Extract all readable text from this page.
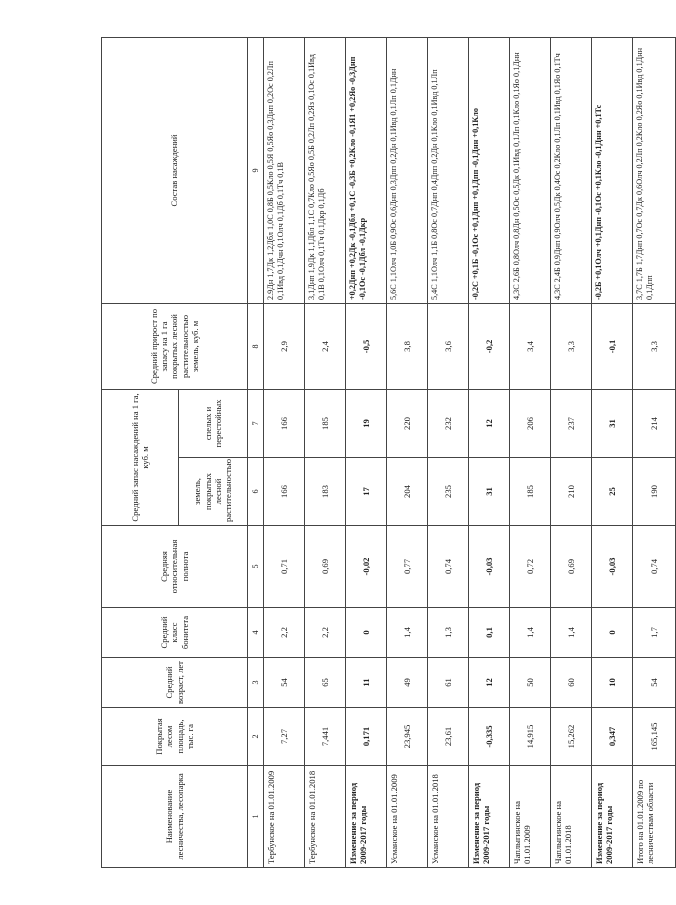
Наименование лесничества, лесопарка	Покрытая лесом площадь, тыс. га	Средний возраст, лет	Средний класс бонитета	Средняя относительная полнота	Средний запас насаждений на 1 га, куб. м		Средний прирост по запасу на 1 га покрытых лесной растительностью земель, куб. м	Состав насаждений
					земель, покрытых лесной растительностью	спелых и перестойных		
1	2	3	4	5	6	7	8	9
Тербунское на 01.01.2009	7,27	54	2,2	0,71	166	166	2,9	2.9Дн 1,7Дк 1,2Дбл 1,0С 0,8Б 0,5Кло 0,5Я 0,5Яо 0,3Днп 0,2Ос 0,2Лп 0,1Ивд 0,1Дчн 0,1Олч 0,1Дб 0,1Тч 0,1В
Тербунское на 01.01.2018	7,441	65	2,2	0,69	183	185	2,4	3,1Днп 1,9Дк 1,1Дбл 1,1С 0,7Кло 0,5Яо 0,5Б 0,2Лп 0,2Яз 0,1Ос 0,1Ивд 0,1В 0,1Олч 0,1Тч 0,1Дкр 0,1Дб
Изменение за период 2009-2017 годы	0,171	11	0	-0,02	17	19	-0,5	+0,2Днп +0,2Дк -0,1Дбл +0,1С -0,3Б +0,2Кло -0,1Я1 +0,2Яо -0,3Днп -0,1Ос -0,1Дбл -0,1Дкр
Усманское на 01.01.2009	23,945	49	1,4	0,77	204	220	3,8	5,6С 1,1Олч 1,0Б 0,9Ос 0,6Днп 0,3Дпп 0,2Дн 0,1Ивд 0,1Лп 0,1Днн
Усманское на 01.01.2018	23,61	61	1,3	0,74	235	232	3,6	5,4С 1,1Олч 1,1Б 0,8Ос 0,7Днп 0,4Дпп 0,2Дн 0,1Кло 0,1Ивд 0,1Лп
Изменение за период 2009-2017 годы	-0,335	12	0,1	-0,03	31	12	-0,2	-0,2С +0,1Б -0,1Ос +0,1Днп +0,1Дпп -0,1Днн +0,1Кло
Чаплыгинское на 01.01.2009	14,915	50	1,4	0,72	185	206	3,4	4,3С 2,6Б 0,8Олч 0,8Дн 0,5Ос 0,5Дк 0,1Ивд 0,1Лп 0,1Кло 0,1Яо 0,1Днн
Чаплыгинское на 01.01.2018	15,262	60	1,4	0,69	210	237	3,3	4,3С 2,4Б 0,9Днп 0,9Олч 0,5Дк 0,4Ос 0,2Кло 0,1Лп 0,1Ивд 0,1Яо 0,1Тч
Изменение за период 2009-2017 годы	0,347	10	0	-0,03	25	31	-0,1	-0,2Б +0,1Олч +0,1Днп -0,1Ос +0,1Кло -0,1Днн +0,1Тс
Итого на 01.01.2009 по лесничествам области	165,145	54	1,7	0,74	190	214	3,3	3,7С 1,7Б 1,7Днп 0,7Ос 0,7Дк 0,6Олч 0,2Лп 0,2Кло 0,2Яо 0,1Ивд 0,1Днн 0,1Дпп
